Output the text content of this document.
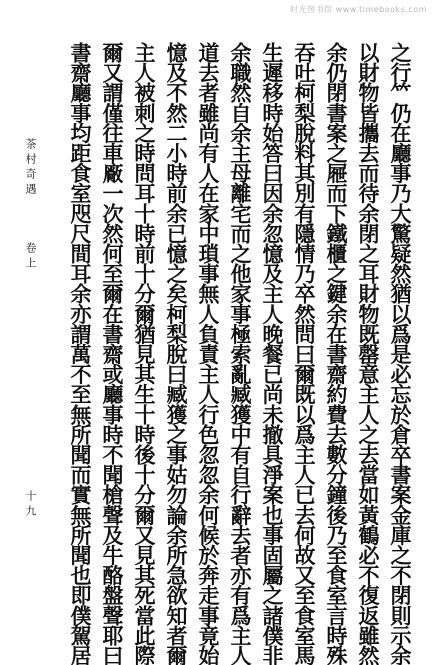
时光图书馆 www.timebooks.com
茶村奇遇
卷上
十九	之行𥫗仍在廳事乃大驚疑然猶以爲是必忘於倉卒書案金庫之不閉則示余
以財物皆攜去而待余閉之耳財物既罄意主人之去當如黃鶴必不復返雖然
余仍閉書案之屜而下鐵櫃之鍵余在書齋約費去數分鐘後乃至食室言時殊
吞吐柯梨脫料其別有隱情乃卒然問曰爾既以爲主人已去何故又至食室馬
生遲移時始答曰因余忽憶及主人晚餐已尚未撤具淨案也事固屬之諸僕非
余職然自余主母離宅而之他家事極索亂臧獲中有自行辭去者亦有爲主人
道去者雖尚有人在家中瑣事無人負責主人行色忽忽余何候於奔走事竟始
憶及不然二小時前余已憶之矣柯梨脫曰臧獲之事姑勿論余所急欲知者爾
主人被刺之時問耳十時前十分爾猶見其生十時後十分爾又見其死當此際
爾又謂僅往車廠一次然何至爾在書齋或廳事時不聞槍聲及牛酪盤聲耶曰
書齋廳事均距食室咫尺間耳余亦謂萬不至無所聞而實無所聞也即僕駕居
